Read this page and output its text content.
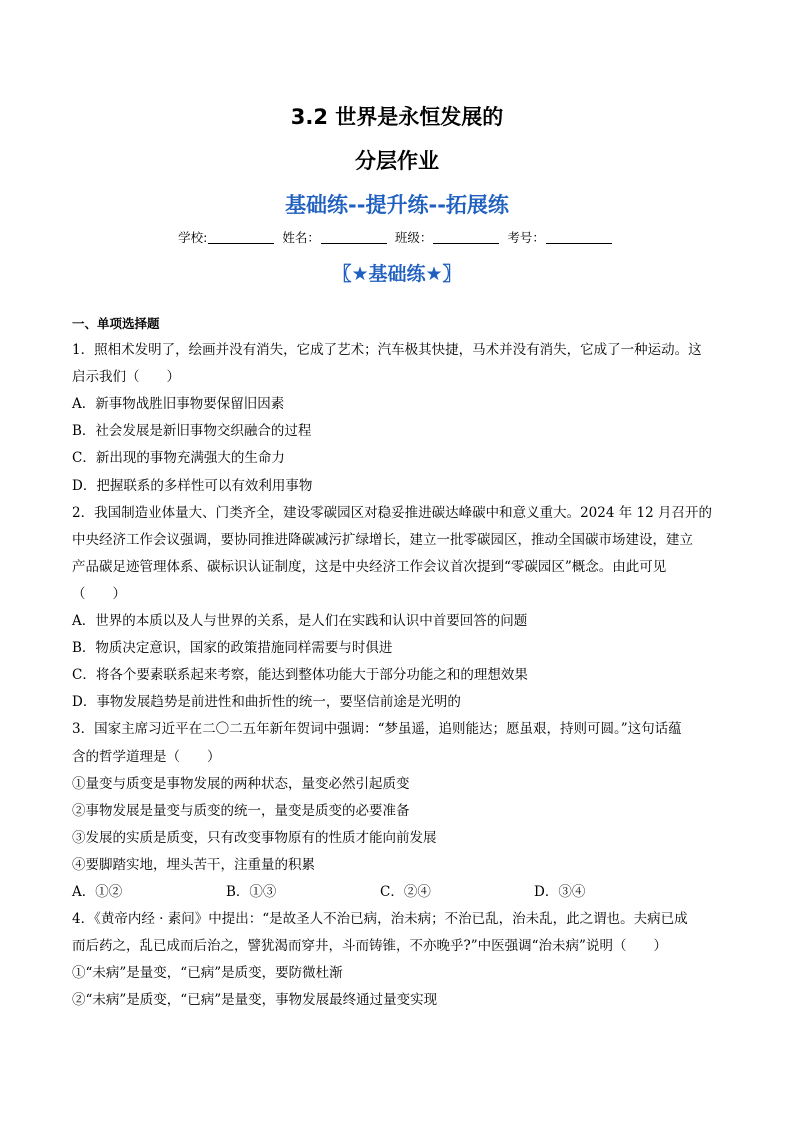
3.2 世界是永恒发展的
分层作业
基础练--提升练--拓展练
学校:	姓名：	班级：	考号：
〖★基础练★〗

一、单项选择题

1．照相术发明了，绘画并没有消失，它成了艺术；汽车极其快捷，马术并没有消失，它成了一种运动。这

启示我们（　　）

A．新事物战胜旧事物要保留旧因素

B．社会发展是新旧事物交织融合的过程

C．新出现的事物充满强大的生命力

D．把握联系的多样性可以有效利用事物

2．我国制造业体量大、门类齐全，建设零碳园区对稳妥推进碳达峰碳中和意义重大。2024 年 12 月召开的

中央经济工作会议强调，要协同推进降碳减污扩绿增长，建立一批零碳园区，推动全国碳市场建设，建立

产品碳足迹管理体系、碳标识认证制度，这是中央经济工作会议首次提到“零碳园区”概念。由此可见

（　　）

A．世界的本质以及人与世界的关系，是人们在实践和认识中首要回答的问题

B．物质决定意识，国家的政策措施同样需要与时俱进

C．将各个要素联系起来考察，能达到整体功能大于部分功能之和的理想效果

D．事物发展趋势是前进性和曲折性的统一，要坚信前途是光明的

3．国家主席习近平在二〇二五年新年贺词中强调：“梦虽遥，追则能达；愿虽艰，持则可圆。”这句话蕴

含的哲学道理是（　　）

①量变与质变是事物发展的两种状态，量变必然引起质变

②事物发展是量变与质变的统一，量变是质变的必要准备

③发展的实质是质变，只有改变事物原有的性质才能向前发展

④要脚踏实地，埋头苦干，注重量的积累

A．①②	B．①③	C．②④	D．③④

4．《黄帝内经 · 素问》中提出：“是故圣人不治已病，治未病；不治已乱，治未乱，此之谓也。夫病已成

而后药之，乱已成而后治之，譬犹渴而穿井，斗而铸锥，不亦晚乎?”中医强调“治未病”说明（　　）

①“未病”是量变，“已病”是质变，要防微杜渐

②“未病”是质变，“已病”是量变，事物发展最终通过量变实现
